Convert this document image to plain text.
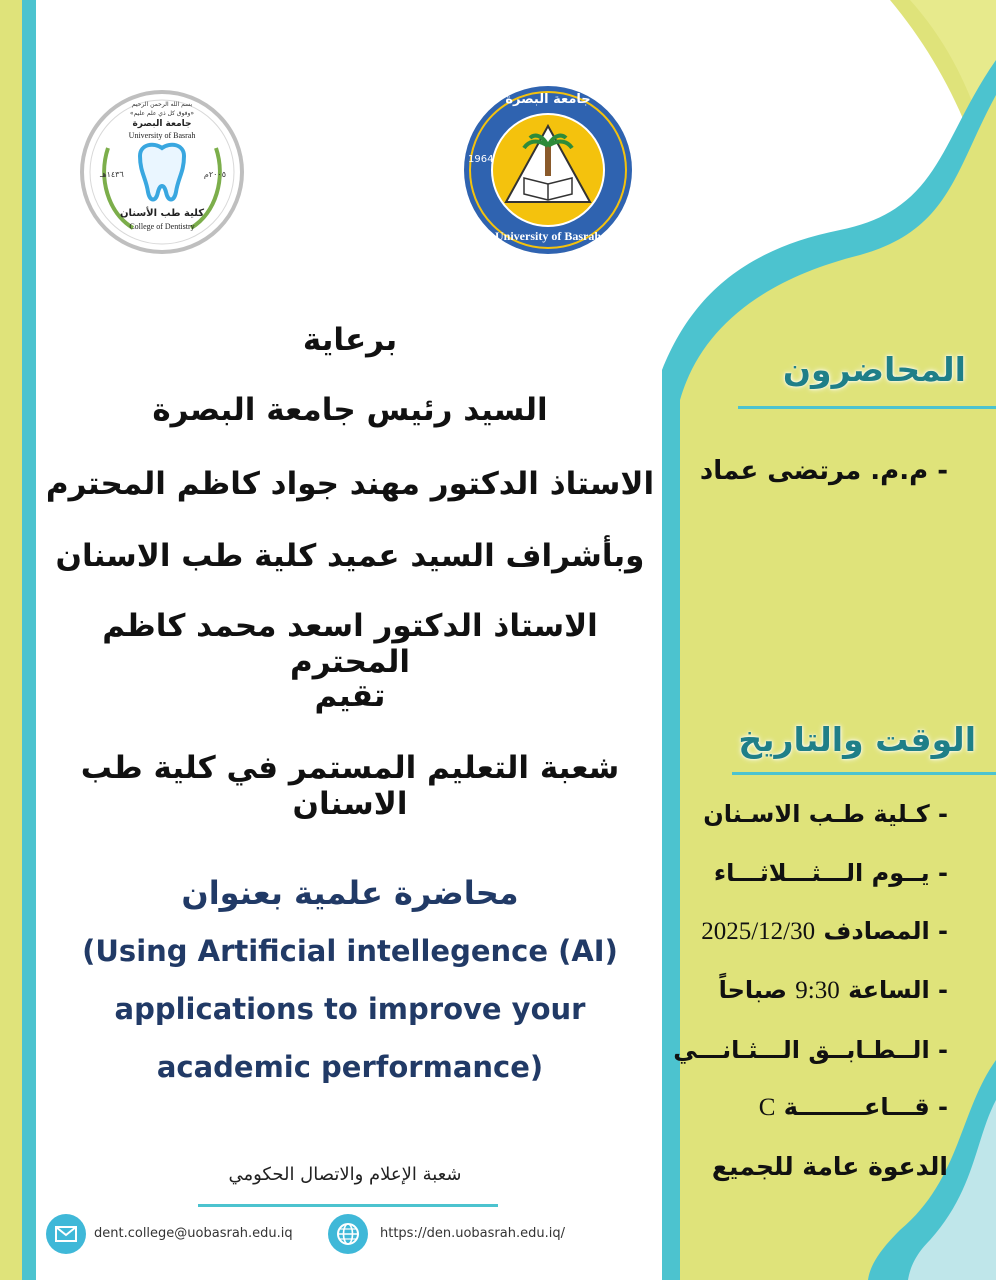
بسم الله الرحمن الرحيم
«وفوق كل ذي علم عليم»
جامعة البصرة
University of Basrah
١٤٣٦هـ	٢٠٠٥م
كلية طب الأسنان
College of Dentistry
جامعة البصرة
University of Basrah
1964
برعاية
السيد رئيس جامعة البصرة
الاستاذ الدكتور مهند جواد كاظم المحترم
وبأشراف السيد عميد كلية طب الاسنان
الاستاذ الدكتور اسعد محمد كاظم المحترم
تقيم
شعبة التعليم المستمر في كلية طب الاسنان
محاضرة علمية بعنوان
(Using Artificial intellegence (AI)
applications to improve your
academic performance)
المحاضرون
- م.م. مرتضى عماد
الوقت والتاريخ
- كـلية طـب الاسـنان
- يــوم الـــثـــلاثـــاء
- المصادف 2025/12/30
- الساعة 9:30 صباحاً
- الــطـابــق الـــثـانـــي
- قـــاعــــــــة C
الدعوة عامة للجميع
شعبة الإعلام والاتصال الحكومي
dent.college@uobasrah.edu.iq	https://den.uobasrah.edu.iq/
